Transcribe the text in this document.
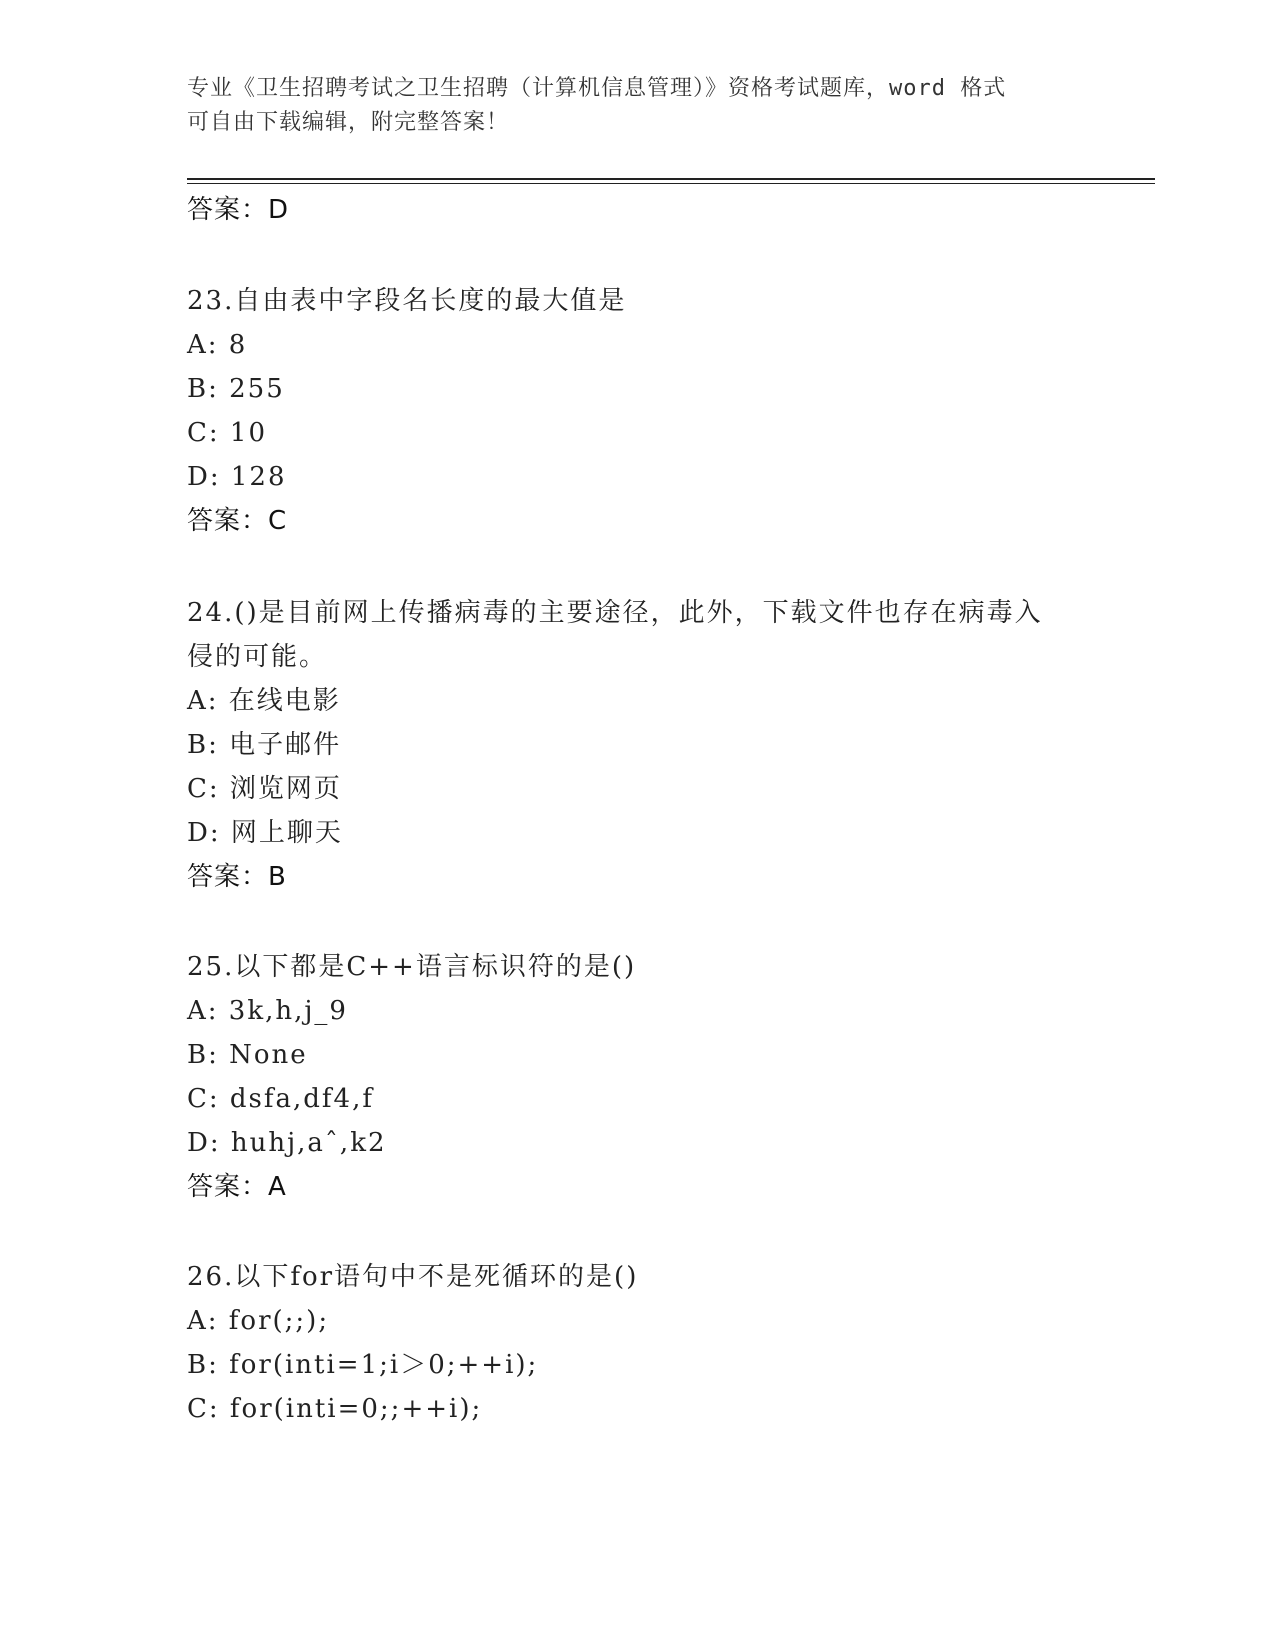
专业《卫生招聘考试之卫生招聘（计算机信息管理）》资格考试题库，word 格式
可自由下载编辑，附完整答案！
答案：D
23.自由表中字段名长度的最大值是
A: 8
B: 255
C: 10
D: 128
答案：C
24.()是目前网上传播病毒的主要途径，此外，下载文件也存在病毒入
侵的可能。
A: 在线电影
B: 电子邮件
C: 浏览网页
D: 网上聊天
答案：B
25.以下都是C++语言标识符的是()
A: 3k,h,j_9
B: None
C: dsfa,df4,f
D: huhj,aˆ,k2
答案：A
26.以下for语句中不是死循环的是()
A: for(;;);
B: for(inti=1;i＞0;++i);
C: for(inti=0;;++i);
